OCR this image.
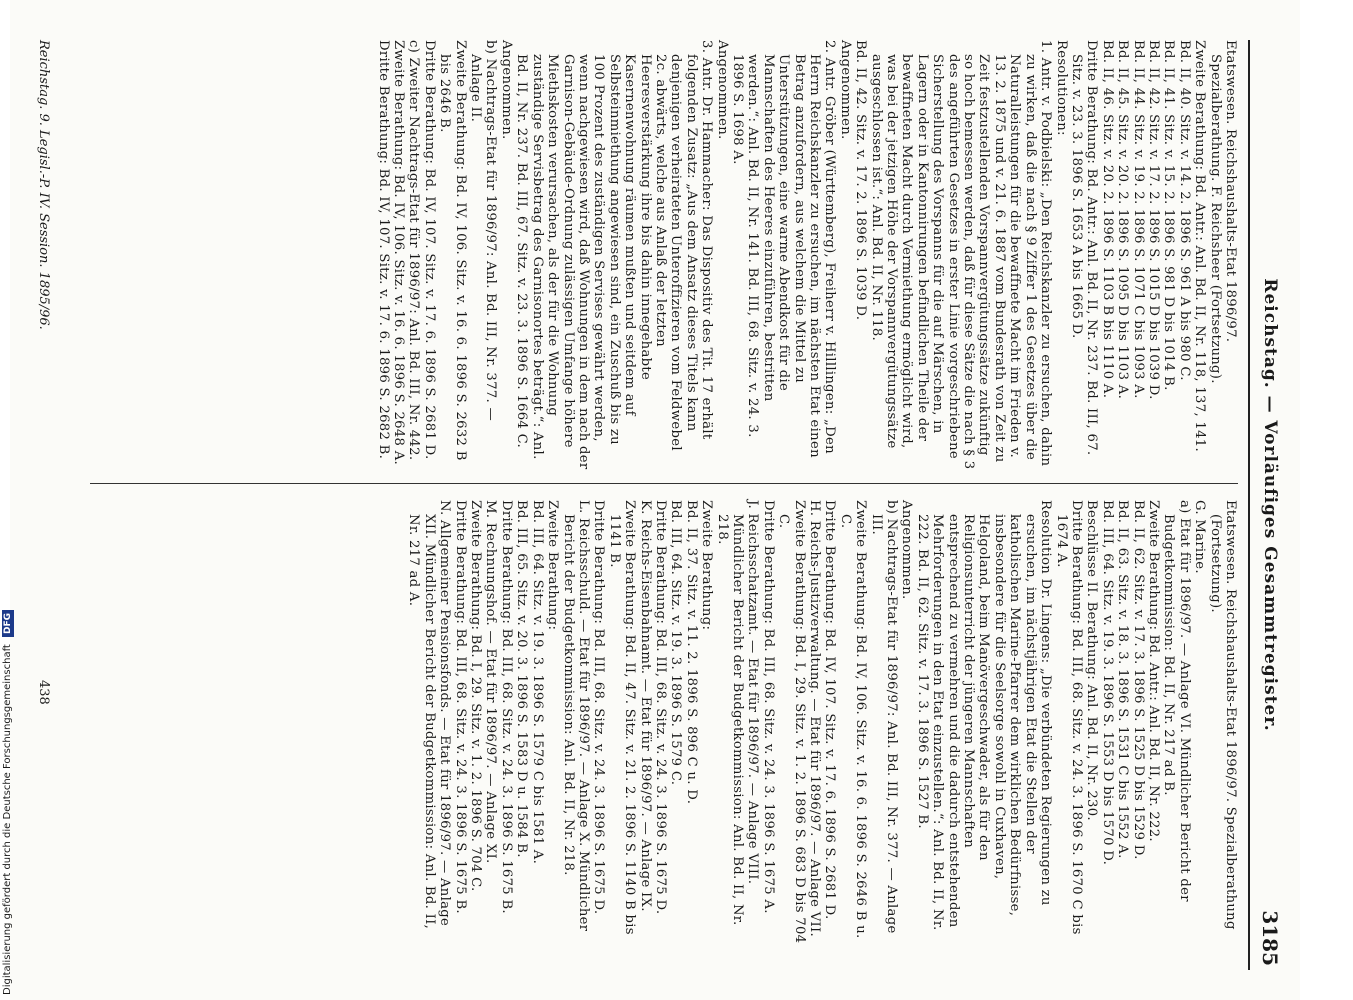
Reichstag. — Vorläufiges Gesammtregister.
3185

Etatswesen. Reichshaushalts-Etat 1896/97. Spezialberathung. F. Reichsheer (Fortsetzung).

Zweite Berathung: Bd. Antr.: Anl. Bd. II, Nr. 118, 137, 141.

Bd. II, 40. Sitz. v. 14. 2. 1896 S. 961 A bis 980 C.

Bd. II, 41. Sitz. v. 15. 2. 1896 S. 981 D bis 1014 B.

Bd. II, 42. Sitz. v. 17. 2. 1896 S. 1015 D bis 1039 D.

Bd. II, 44. Sitz. v. 19. 2. 1896 S. 1071 C bis 1093 A.

Bd. II, 45. Sitz. v. 20. 2. 1896 S. 1095 D bis 1103 A.

Bd. II, 46. Sitz. v. 20. 2. 1896 S. 1103 B bis 1110 A.

Dritte Berathung: Bd. Antr.: Anl. Bd. II, Nr. 237. Bd. III, 67. Sitz. v. 23. 3. 1896 S. 1653 A bis 1665 D.

Resolutionen:

1. Antr. v. Podbielski: „Den Reichskanzler zu ersuchen, dahin zu wirken, daß die nach § 9 Ziffer 1 des Gesetzes über die Naturalleistungen für die bewaffnete Macht im Frieden v. 13. 2. 1875 und v. 21. 6. 1887 vom Bundesrath von Zeit zu Zeit festzustellenden Vorspannvergütungssätze zukünftig so hoch bemessen werden, daß für diese Sätze die nach § 3 des angeführten Gesetzes in erster Linie vorgeschriebene Sicherstellung des Vorspanns für die auf Märschen, in Lagern oder in Kantonnirungen befindlichen Theile der bewaffneten Macht durch Vermiethung ermöglicht wird, was bei der jetzigen Höhe der Vorspannvergütungssätze ausgeschlossen ist.“: Anl. Bd. II, Nr. 118.

Bd. II, 42. Sitz. v. 17. 2. 1896 S. 1039 D.

Angenommen.

2. Antr. Gröber (Württemberg), Freiherr v. Hilllingen: „Den Herrn Reichskanzler zu ersuchen, im nächsten Etat einen Betrag anzufordern, aus welchem die Mittel zu Unterstützungen, eine warme Abendkost für die Mannschaften des Heeres einzuführen, bestritten werden.“: Anl. Bd. II, Nr. 141. Bd. III, 68. Sitz. v. 24. 3. 1896 S. 1698 A.

Angenommen.

3. Antr. Dr. Hammacher: Das Dispositiv des Tit. 17 erhält folgenden Zusatz: „Aus dem Ansatz dieses Titels kann denjenigen verheirateten Unteroffizieren vom Feldwebel 2c. abwärts, welche aus Anlaß der letzten Heeresverstärkung ihre bis dahin innegehabte Kasernenwohnung räumen mußten und seitdem auf Selbsteinmiethung angewiesen sind, ein Zuschuß bis zu 100 Prozent des zuständigen Servises gewährt werden, wenn nachgewiesen wird, daß Wohnungen in dem nach der Garnison-Gebäude-Ordnung zulässigen Umfange höhere Miethskosten verursachen, als der für die Wohnung zuständige Servisbetrag des Garnisonortes beträgt.“: Anl. Bd. II, Nr. 237. Bd. III, 67. Sitz. v. 23. 3. 1896 S. 1664 C.

Angenommen.

b) Nachtrags-Etat für 1896/97: Anl. Bd. III, Nr. 377. — Anlage II.

Zweite Berathung: Bd. IV, 106. Sitz. v. 16. 6. 1896 S. 2632 B bis 2646 B.

Dritte Berathung: Bd. IV, 107. Sitz. v. 17. 6. 1896 S. 2681 D.

c) Zweiter Nachtrags-Etat für 1896/97: Anl. Bd. III, Nr. 442.

Zweite Berathung: Bd. IV, 106. Sitz. v. 16. 6. 1896 S. 2648 A.

Dritte Berathung: Bd. IV, 107. Sitz. v. 17. 6. 1896 S. 2682 B.

Etatswesen. Reichshaushalts-Etat 1896/97. Spezialberathung (Fortsetzung).

G. Marine.

a) Etat für 1896/97. — Anlage VI. Mündlicher Bericht der Budgetkommission: Bd. II, Nr. 217 ad B.

Zweite Berathung: Bd. Antr.: Anl. Bd. II, Nr. 222.

Bd. II, 62. Sitz. v. 17. 3. 1896 S. 1525 D bis 1529 D.

Bd. II, 63. Sitz. v. 18. 3. 1896 S. 1531 C bis 1552 A.

Bd. III, 64. Sitz. v. 19. 3. 1896 S. 1553 D bis 1570 D.

Beschlüsse II. Berathung: Anl. Bd. II, Nr. 230.

Dritte Berathung: Bd. III, 68. Sitz. v. 24. 3. 1896 S. 1670 C bis 1674 A.

Resolution Dr. Lingens: „Die verbündeten Regierungen zu ersuchen, im nächstjährigen Etat die Stellen der katholischen Marine-Pfarrer dem wirklichen Bedürfnisse, insbesondere für die Seelsorge sowohl in Cuxhaven, Helgoland, beim Manövergeschwader, als für den Religionsunterricht der jüngeren Mannschaften entsprechend zu vermehren und die dadurch entstehenden Mehrforderungen in den Etat einzustellen.“: Anl. Bd. II, Nr. 222. Bd. II, 62. Sitz. v. 17. 3. 1896 S. 1527 B.

Angenommen.

b) Nachtrags-Etat für 1896/97: Anl. Bd. III, Nr. 377. — Anlage III.

Zweite Berathung: Bd. IV, 106. Sitz. v. 16. 6. 1896 S. 2646 B u. C.

Dritte Berathung: Bd. IV, 107. Sitz. v. 17. 6. 1896 S. 2681 D.

H. Reichs-Justizverwaltung. — Etat für 1896/97. — Anlage VII.

Zweite Berathung: Bd. I, 29. Sitz. v. 1. 2. 1896 S. 683 D bis 704 C.

Dritte Berathung: Bd. III, 68. Sitz. v. 24. 3. 1896 S. 1675 A.

J. Reichsschatzamt. — Etat für 1896/97. — Anlage VIII. Mündlicher Bericht der Budgetkommission: Anl. Bd. II, Nr. 218.

Zweite Berathung:

Bd. II, 37. Sitz. v. 11. 2. 1896 S. 896 C u. D.

Bd. III, 64. Sitz. v. 19. 3. 1896 S. 1579 C.

Dritte Berathung: Bd. III, 68. Sitz. v. 24. 3. 1896 S. 1675 D.

K. Reichs-Eisenbahnamt. — Etat für 1896/97. — Anlage IX.

Zweite Berathung: Bd. II, 47. Sitz. v. 21. 2. 1896 S. 1140 B bis 1141 B.

Dritte Berathung: Bd. III, 68. Sitz. v. 24. 3. 1896 S. 1675 D.

L. Reichsschuld. — Etat für 1896/97. — Anlage X. Mündlicher Bericht der Budgetkommission: Anl. Bd. II, Nr. 218.

Zweite Berathung:

Bd. III, 64. Sitz. v. 19. 3. 1896 S. 1579 C bis 1581 A.

Bd. III, 65. Sitz. v. 20. 3. 1896 S. 1583 D u. 1584 B.

Dritte Berathung: Bd. III, 68. Sitz. v. 24. 3. 1896 S. 1675 B.

M. Rechnungshof. — Etat für 1896/97. — Anlage XI.

Zweite Berathung: Bd. I, 29. Sitz. v. 1. 2. 1896 S. 704 C.

Dritte Berathung: Bd. III, 68. Sitz. v. 24. 3. 1896 S. 1675 B.

N. Allgemeiner Pensionsfonds. — Etat für 1896/97. — Anlage XII. Mündlicher Bericht der Budgetkommission: Anl. Bd. II, Nr. 217 ad A.

Reichstag. 9. Legisl.-P. IV. Session. 1895/96.
438
Digitalisierung gefördert durch die Deutsche Forschungsgemeinschaft DFG
